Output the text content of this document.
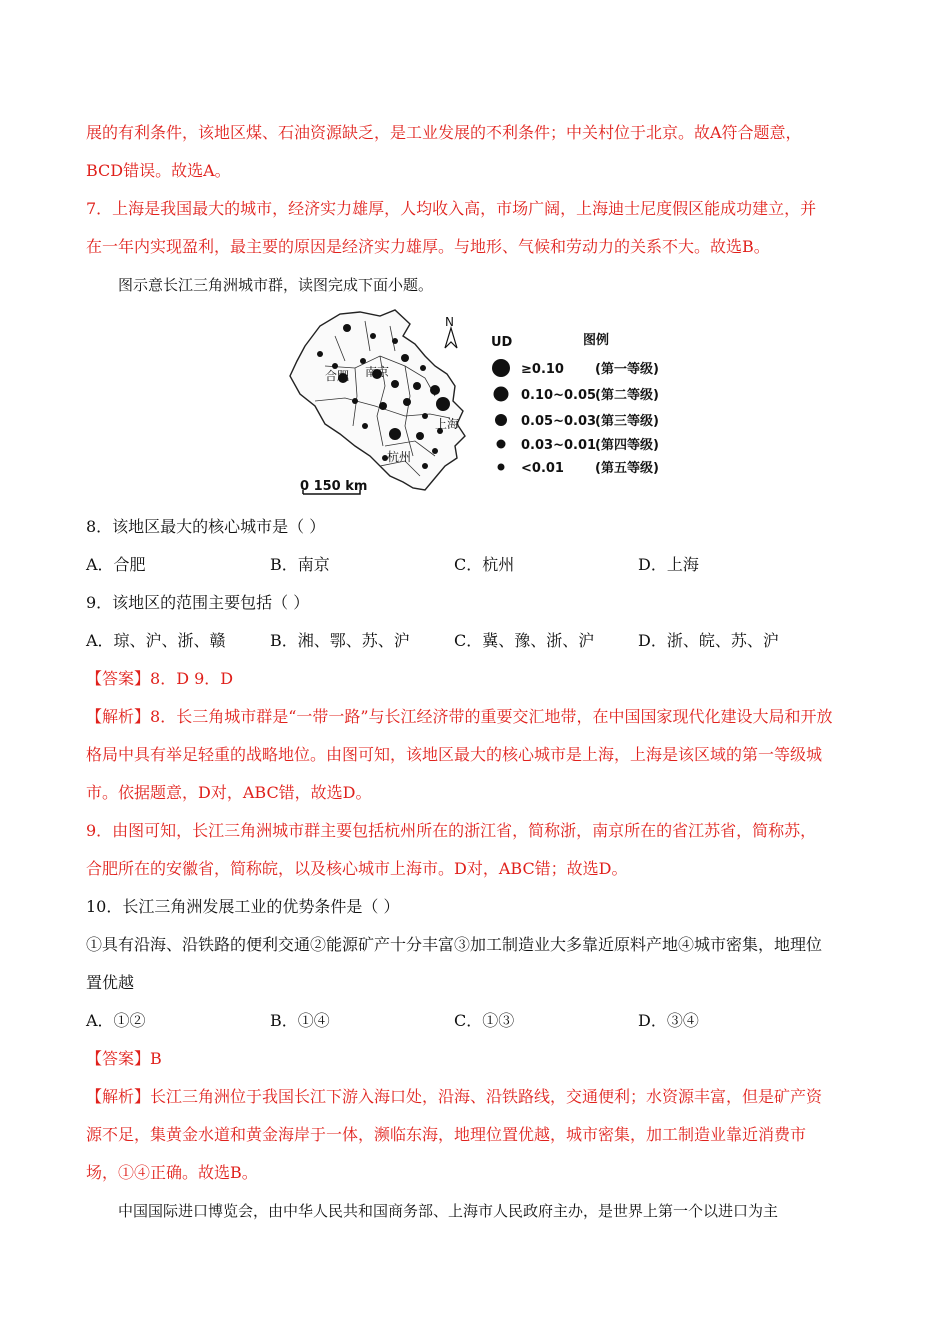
展的有利条件，该地区煤、石油资源缺乏，是工业发展的不利条件；中关村位于北京。故A符合题意，
BCD错误。故选A。
7．上海是我国最大的城市，经济实力雄厚，人均收入高，市场广阔，上海迪士尼度假区能成功建立，并
在一年内实现盈利，最主要的原因是经济实力雄厚。与地形、气候和劳动力的关系不大。故选B。
图示意长江三角洲城市群，读图完成下面小题。
合肥 南京
上海
杭州
N
0 150 km
UD	图例
≥0.10 (第一等级)
0.10~0.05
(第二等级)
0.05~0.03
(第三等级)
0.03~0.01
(第四等级)
<0.01 (第五等级)
8．该地区最大的核心城市是（ ）
A．合肥	B．南京	C．杭州	D．上海
9．该地区的范围主要包括（ ）
A．琼、沪、浙、赣	B．湘、鄂、苏、沪	C．冀、豫、浙、沪	D．浙、皖、苏、沪
【答案】8．D 9．D
【解析】8．长三角城市群是“一带一路”与长江经济带的重要交汇地带，在中国国家现代化建设大局和开放
格局中具有举足轻重的战略地位。由图可知，该地区最大的核心城市是上海，上海是该区域的第一等级城
市。依据题意，D对，ABC错，故选D。
9．由图可知，长江三角洲城市群主要包括杭州所在的浙江省，简称浙，南京所在的省江苏省，简称苏，
合肥所在的安徽省，简称皖，以及核心城市上海市。D对，ABC错；故选D。
10．长江三角洲发展工业的优势条件是（ ）
①具有沿海、沿铁路的便利交通②能源矿产十分丰富③加工制造业大多靠近原料产地④城市密集，地理位
置优越
A．①②	B．①④	C．①③	D．③④
【答案】B
【解析】长江三角洲位于我国长江下游入海口处，沿海、沿铁路线，交通便利；水资源丰富，但是矿产资
源不足，集黄金水道和黄金海岸于一体，濒临东海，地理位置优越，城市密集，加工制造业靠近消费市
场，①④正确。故选B。
中国国际进口博览会，由中华人民共和国商务部、上海市人民政府主办，是世界上第一个以进口为主
